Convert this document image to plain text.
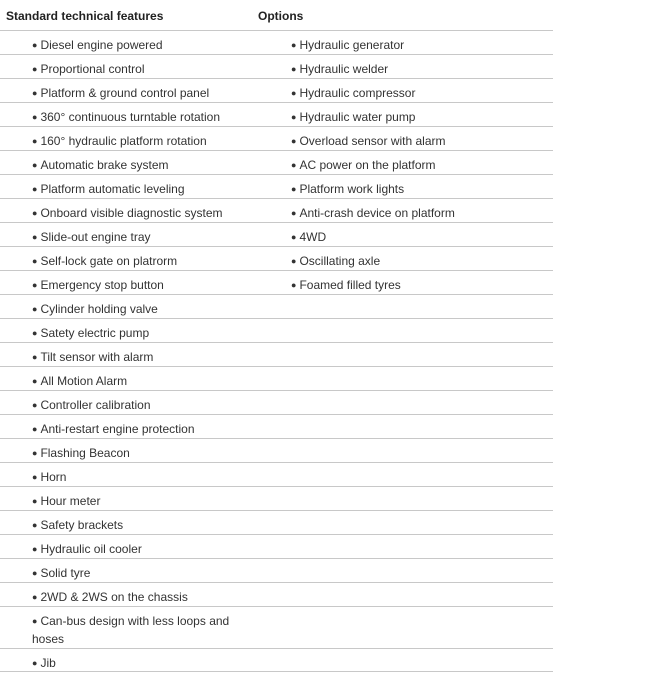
Standard technical features	Options
● Diesel engine powered	● Hydraulic generator
● Proportional control	● Hydraulic welder
● Platform & ground control panel	● Hydraulic compressor
● 360° continuous turntable rotation	● Hydraulic water pump
● 160° hydraulic platform rotation	● Overload sensor with alarm
● Automatic brake system	● AC power on the platform
● Platform automatic leveling	● Platform work lights
● Onboard visible diagnostic system	● Anti-crash device on platform
● Slide-out engine tray	● 4WD
● Self-lock gate on platrorm	● Oscillating axle
● Emergency stop button	● Foamed filled tyres
● Cylinder holding valve
● Satety electric pump
● Tilt sensor with alarm
● All Motion Alarm
● Controller calibration
● Anti-restart engine protection
● Flashing Beacon
● Horn
● Hour meter
● Safety brackets
● Hydraulic oil cooler
● Solid tyre
● 2WD & 2WS on the chassis
● Can-bus design with less loops and hoses
● Jib
